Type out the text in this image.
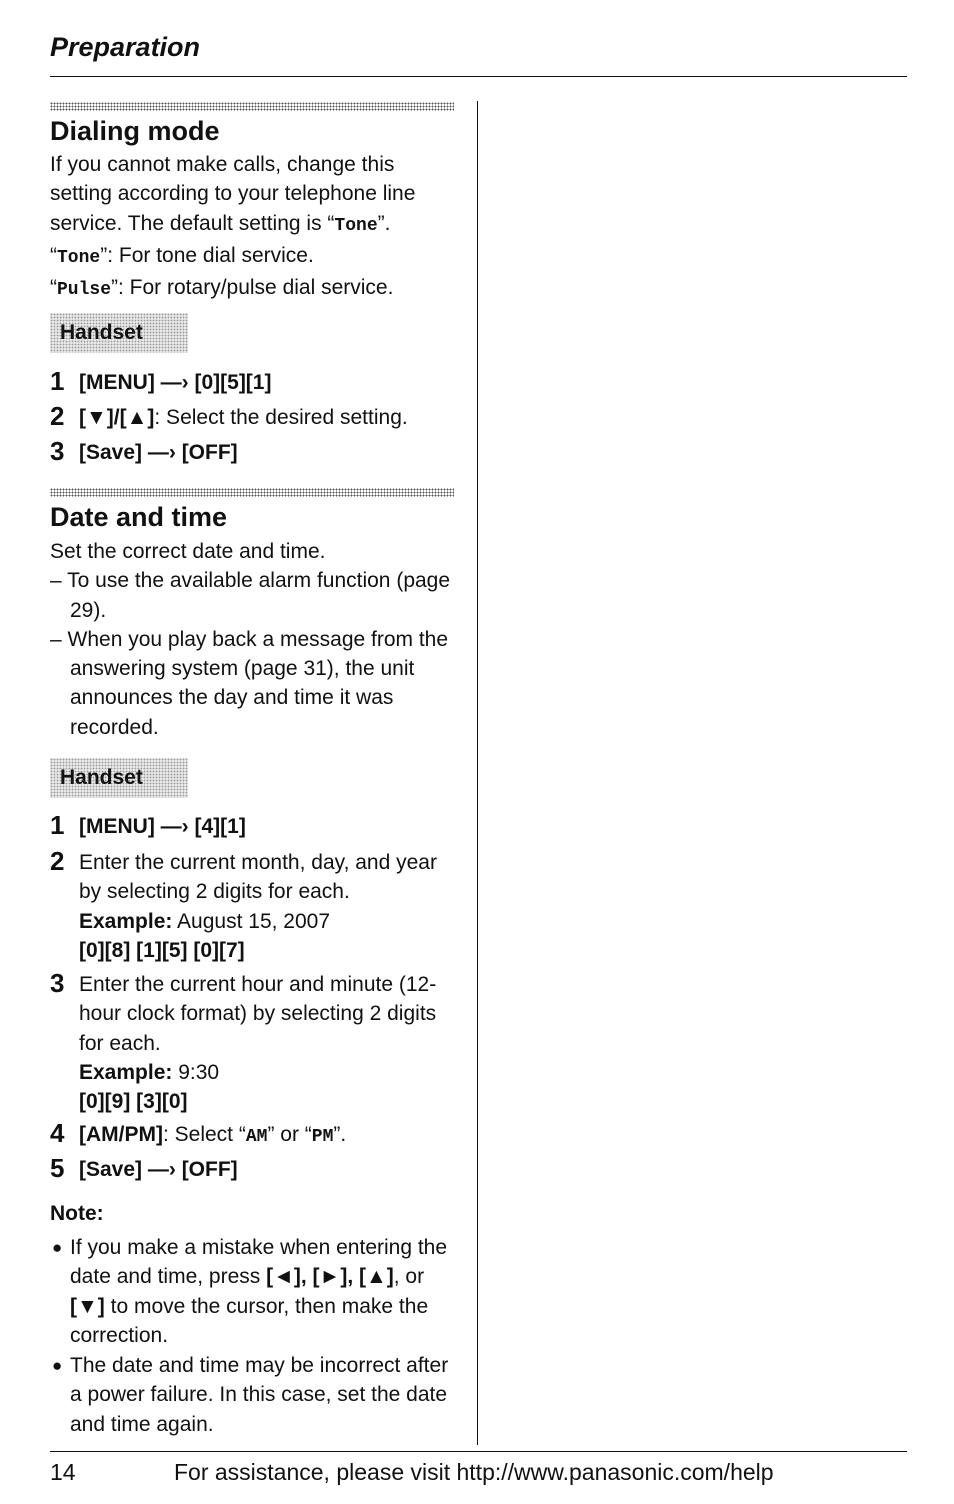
Preparation
Dialing mode

If you cannot make calls, change this setting according to your telephone line service. The default setting is “Tone”.

“Tone”: For tone dial service.

“Pulse”: For rotary/pulse dial service.

Handset
1 [MENU] —› [0][5][1]
2 [▼]/[▲]: Select the desired setting.
3 [Save] —› [OFF]
Date and time

Set the correct date and time.

– To use the available alarm function (page 29).

– When you play back a message from the answering system (page 31), the unit announces the day and time it was recorded.

Handset
1 [MENU] —› [4][1]
2 Enter the current month, day, and year by selecting 2 digits for each.
Example: August 15, 2007
[0][8] [1][5] [0][7]
3 Enter the current hour and minute (12-hour clock format) by selecting 2 digits for each.
Example: 9:30
[0][9] [3][0]
4 [AM/PM]: Select “AM” or “PM”.
5 [Save] —› [OFF]
Note:
● If you make a mistake when entering the date and time, press [◄], [►], [▲], or [▼] to move the cursor, then make the correction.
● The date and time may be incorrect after a power failure. In this case, set the date and time again.
14	For assistance, please visit http://www.panasonic.com/help
